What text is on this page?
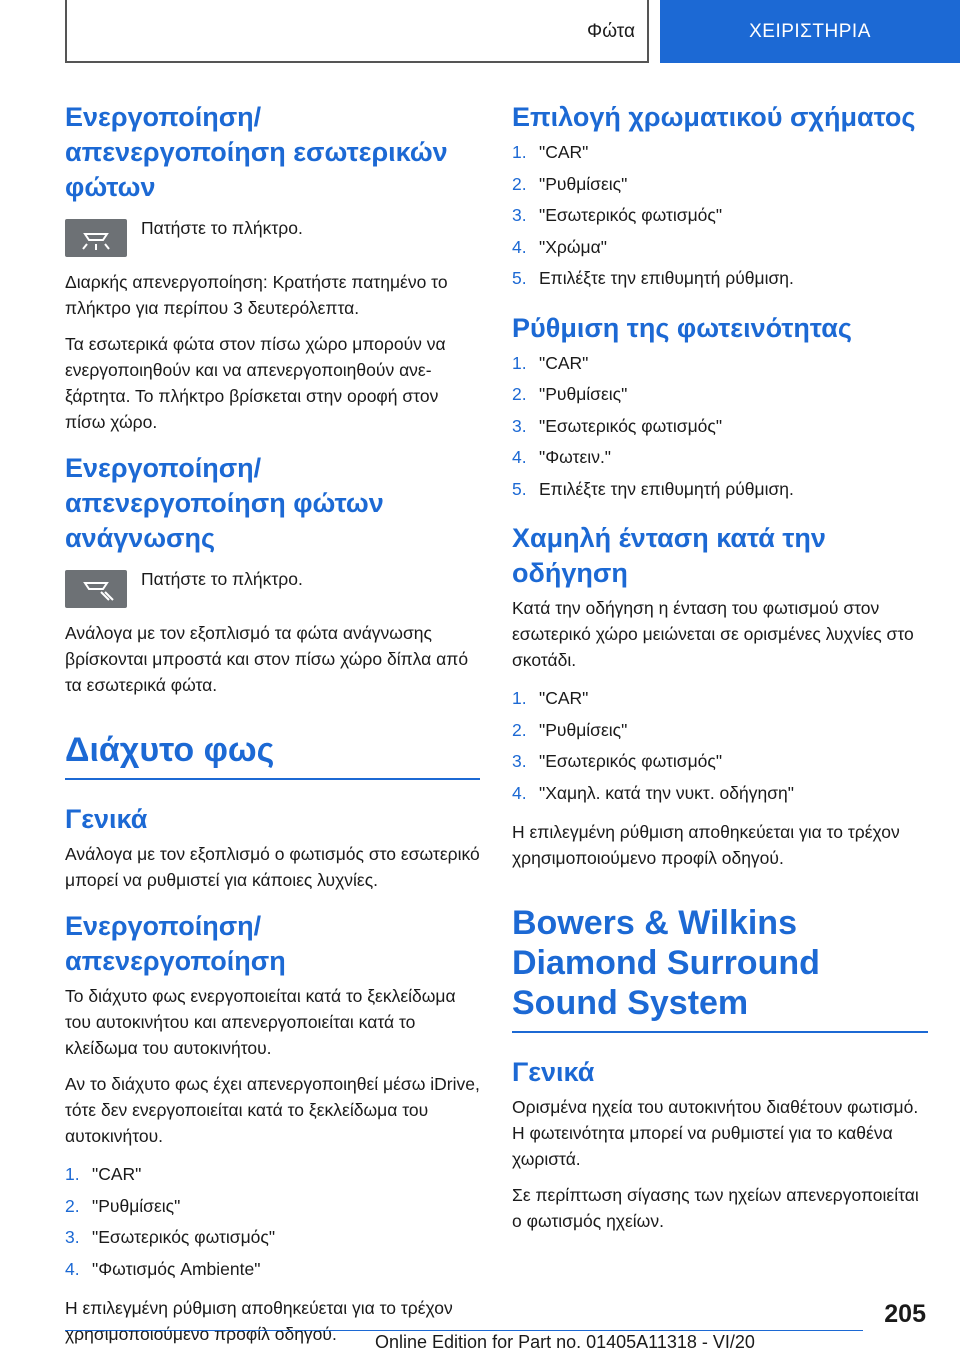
Φώτα	ΧΕΙΡΙΣΤΗΡΙΑ
Ενεργοποίηση/απενεργοποίηση εσωτερικών φώτων
Πατήστε το πλήκτρο.

Διαρκής απενεργοποίηση: Κρατήστε πατημένο το πλήκτρο για περίπου 3 δευτερόλεπτα.

Τα εσωτερικά φώτα στον πίσω χώρο μπορούν να ενεργοποιηθούν και να απενεργοποιηθούν ανεξάρτητα. Το πλήκτρο βρίσκεται στην οροφή στον πίσω χώρο.

Ενεργοποίηση/απενεργοποίηση φώτων ανάγνωσης
Πατήστε το πλήκτρο.

Ανάλογα με τον εξοπλισμό τα φώτα ανάγνωσης βρίσκονται μπροστά και στον πίσω χώρο δίπλα από τα εσωτερικά φώτα.

Διάχυτο φως
Γενικά

Ανάλογα με τον εξοπλισμό ο φωτισμός στο εσωτερικό μπορεί να ρυθμιστεί για κάποιες λυχνίες.

Ενεργοποίηση/απενεργοποίηση

Το διάχυτο φως ενεργοποιείται κατά το ξεκλείδωμα του αυτοκινήτου και απενεργοποιείται κατά το κλείδωμα του αυτοκινήτου.

Αν το διάχυτο φως έχει απενεργοποιηθεί μέσω iDrive, τότε δεν ενεργοποιείται κατά το ξεκλείδωμα του αυτοκινήτου.

1. "CAR"
2. "Ρυθμίσεις"
3. "Εσωτερικός φωτισμός"
4. "Φωτισμός Ambiente"

Η επιλεγμένη ρύθμιση αποθηκεύεται για το τρέχον χρησιμοποιούμενο προφίλ οδηγού.

Επιλογή χρωματικού σχήματος
1. "CAR"
2. "Ρυθμίσεις"
3. "Εσωτερικός φωτισμός"
4. "Χρώμα"
5. Επιλέξτε την επιθυμητή ρύθμιση.
Ρύθμιση της φωτεινότητας
1. "CAR"
2. "Ρυθμίσεις"
3. "Εσωτερικός φωτισμός"
4. "Φωτειν."
5. Επιλέξτε την επιθυμητή ρύθμιση.
Χαμηλή ένταση κατά την οδήγηση

Κατά την οδήγηση η ένταση του φωτισμού στον εσωτερικό χώρο μειώνεται σε ορισμένες λυχνίες στο σκοτάδι.

1. "CAR"
2. "Ρυθμίσεις"
3. "Εσωτερικός φωτισμός"
4. "Χαμηλ. κατά την νυκτ. οδήγηση"

Η επιλεγμένη ρύθμιση αποθηκεύεται για το τρέχον χρησιμοποιούμενο προφίλ οδηγού.

Bowers & Wilkins Diamond Surround Sound System
Γενικά

Ορισμένα ηχεία του αυτοκινήτου διαθέτουν φωτισμό. Η φωτεινότητα μπορεί να ρυθμιστεί για το καθένα χωριστά.

Σε περίπτωση σίγασης των ηχείων απενεργοποιείται ο φωτισμός ηχείων.

205
Online Edition for Part no. 01405A11318 - VI/20
